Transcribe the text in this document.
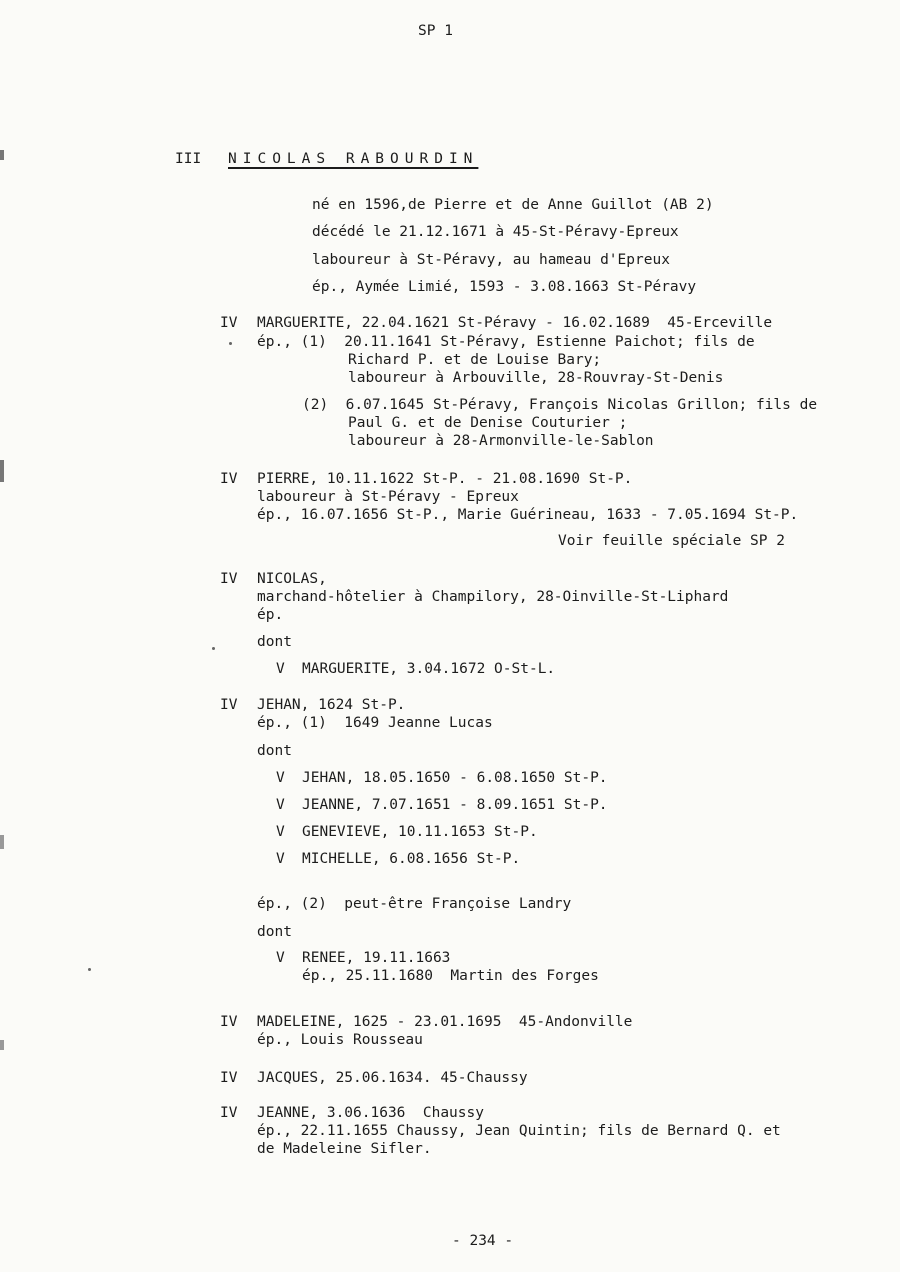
SP 1
III NICOLAS RABOURDIN
né en 1596,de Pierre et de Anne Guillot (AB 2)
décédé le 21.12.1671 à 45-St-Péravy-Epreux
laboureur à St-Péravy, au hameau d'Epreux
ép., Aymée Limié, 1593 - 3.08.1663 St-Péravy
IV MARGUERITE, 22.04.1621 St-Péravy - 16.02.1689  45-Erceville
ép., (1)  20.11.1641 St-Péravy, Estienne Paichot; fils de
Richard P. et de Louise Bary;
laboureur à Arbouville, 28-Rouvray-St-Denis
(2)  6.07.1645 St-Péravy, François Nicolas Grillon; fils de
Paul G. et de Denise Couturier ;
laboureur à 28-Armonville-le-Sablon
IV PIERRE, 10.11.1622 St-P. - 21.08.1690 St-P.
laboureur à St-Péravy - Epreux
ép., 16.07.1656 St-P., Marie Guérineau, 1633 - 7.05.1694 St-P.
Voir feuille spéciale SP 2
IV NICOLAS,
marchand-hôtelier à Champilory, 28-Oinville-St-Liphard
ép.
dont
V MARGUERITE, 3.04.1672 O-St-L.
IV JEHAN, 1624 St-P.
ép., (1)  1649 Jeanne Lucas
dont
V JEHAN, 18.05.1650 - 6.08.1650 St-P.
V JEANNE, 7.07.1651 - 8.09.1651 St-P.
V GENEVIEVE, 10.11.1653 St-P.
V MICHELLE, 6.08.1656 St-P.
ép., (2)  peut-être Françoise Landry
dont
V RENEE, 19.11.1663
ép., 25.11.1680  Martin des Forges
IV MADELEINE, 1625 - 23.01.1695  45-Andonville
ép., Louis Rousseau
IV JACQUES, 25.06.1634. 45-Chaussy
IV JEANNE, 3.06.1636  Chaussy
ép., 22.11.1655 Chaussy, Jean Quintin; fils de Bernard Q. et
de Madeleine Sifler.
- 234 -
